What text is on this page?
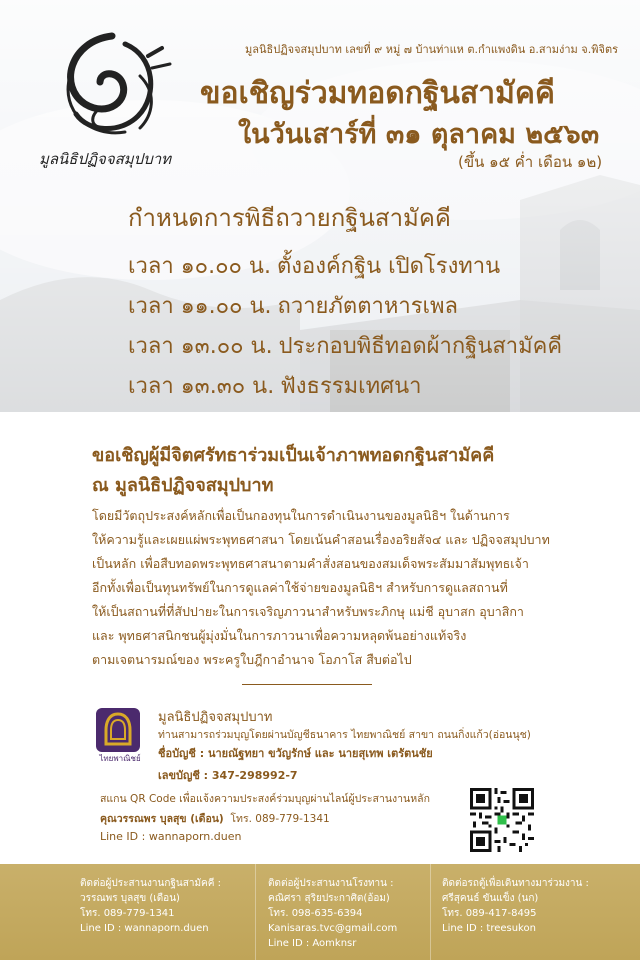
มูลนิธิปฏิจจสมุปบาท
มูลนิธิปฏิจจสมุปบาท เลขที่ ๙ หมู่ ๗ บ้านท่าแห ต.กำแพงดิน อ.สามง่าม จ.พิจิตร
ขอเชิญร่วมทอดกฐินสามัคคี
ในวันเสาร์ที่ ๓๑ ตุลาคม ๒๕๖๓
(ขึ้น ๑๕ ค่ำ เดือน ๑๒)
กำหนดการพิธีถวายกฐินสามัคคี
เวลา ๑๐.๐๐ น. ตั้งองค์กฐิน เปิดโรงทาน
เวลา ๑๑.๐๐ น. ถวายภัตตาหารเพล
เวลา ๑๓.๐๐ น. ประกอบพิธีทอดผ้ากฐินสามัคคี
เวลา ๑๓.๓๐ น. ฟังธรรมเทศนา
ขอเชิญผู้มีจิตศรัทธาร่วมเป็นเจ้าภาพทอดกฐินสามัคคี
ณ มูลนิธิปฏิจจสมุปบาท
โดยมีวัตถุประสงค์หลักเพื่อเป็นกองทุนในการดำเนินงานของมูลนิธิฯ ในด้านการ
ให้ความรู้และเผยแผ่พระพุทธศาสนา โดยเน้นคำสอนเรื่องอริยสัจ๔ และ ปฏิจจสมุปบาท
เป็นหลัก เพื่อสืบทอดพระพุทธศาสนาตามคำสั่งสอนของสมเด็จพระสัมมาสัมพุทธเจ้า
อีกทั้งเพื่อเป็นทุนทรัพย์ในการดูแลค่าใช้จ่ายของมูลนิธิฯ สำหรับการดูแลสถานที่
ให้เป็นสถานที่ที่สัปปายะในการเจริญภาวนาสำหรับพระภิกษุ แม่ชี อุบาสก อุบาสิกา
และ พุทธศาสนิกชนผู้มุ่งมั่นในการภาวนาเพื่อความหลุดพ้นอย่างแท้จริง
ตามเจตนารมณ์ของ พระครูใบฎีกาอำนาจ โอภาโส สืบต่อไป
ไทยพาณิชย์
มูลนิธิปฏิจจสมุปบาท
ท่านสามารถร่วมบุญโดยผ่านบัญชีธนาคาร ไทยพาณิชย์ สาขา ถนนกิ่งแก้ว(อ่อนนุช)
ชื่อบัญชี : นายณัฐทยา ขวัญรักษ์ และ นายสุเทพ เตรัตนชัย
เลขบัญชี : 347-298992-7
สแกน QR Code เพื่อแจ้งความประสงค์ร่วมบุญผ่านไลน์ผู้ประสานงานหลัก
คุณวรรณพร บุลสุข (เดือน) โทร. 089-779-1341
Line ID : wannaporn.duen
ติดต่อผู้ประสานงานกฐินสามัคคี :
วรรณพร บุลสุข (เดือน)
โทร. 089-779-1341
Line ID : wannaporn.duen
ติดต่อผู้ประสานงานโรงทาน :
คณิศรา สุริยประกาศิต(อ้อม)
โทร. 098-635-6394
Kanisaras.tvc@gmail.com
Line ID : Aomknsr
ติดต่อรถตู้เพื่อเดินทางมาร่วมงาน :
ศรีสุคนธ์ ขันแข็ง (นก)
โทร. 089-417-8495
Line ID : treesukon
